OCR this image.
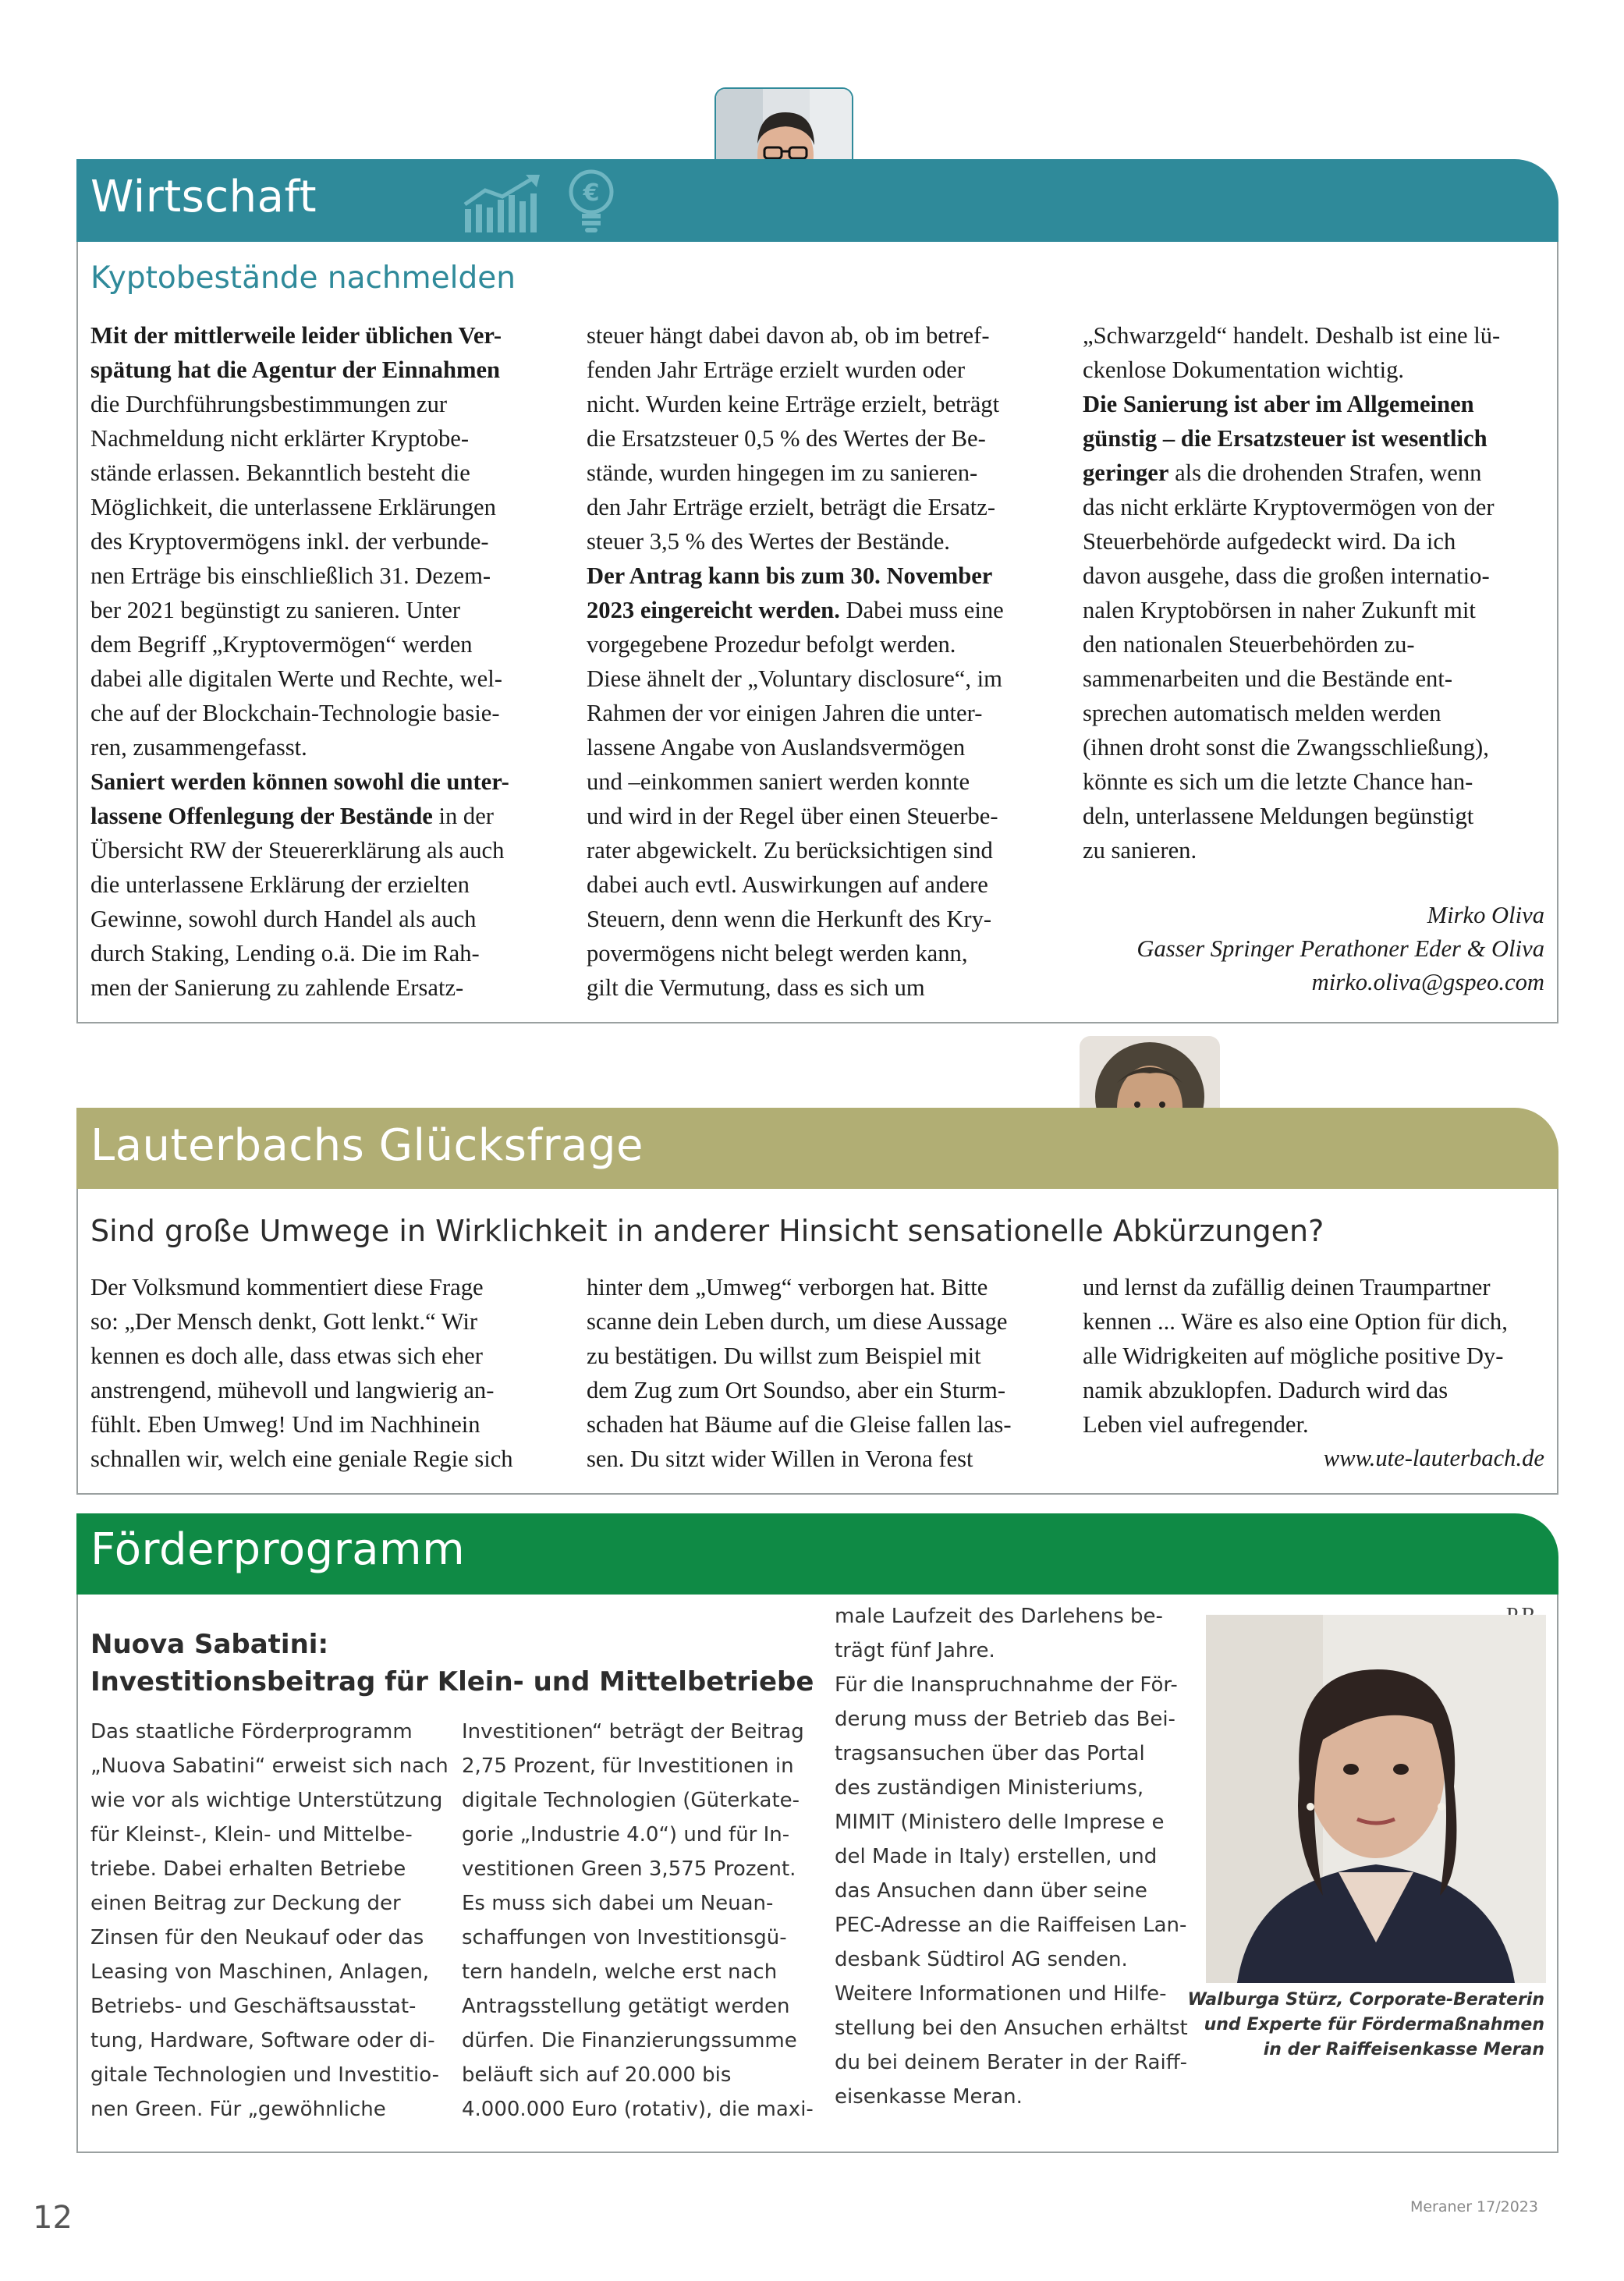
Wirtschaft	€
Kyptobestände nachmelden

Mit der mittlerweile leider üblichen Ver-

spätung hat die Agentur der Einnahmen

die Durchführungsbestimmungen zur

Nachmeldung nicht erklärter Kryptobe-

stände erlassen. Bekanntlich besteht die

Möglichkeit, die unterlassene Erklärungen

des Kryptovermögens inkl. der verbunde-

nen Erträge bis einschließlich 31. Dezem-

ber 2021 begünstigt zu sanieren. Unter

dem Begriff „Kryptovermögen“ werden

dabei alle digitalen Werte und Rechte, wel-

che auf der Blockchain-Technologie basie-

ren, zusammengefasst.

Saniert werden können sowohl die unter-

lassene Offenlegung der Bestände in der

Übersicht RW der Steuererklärung als auch

die unterlassene Erklärung der erzielten

Gewinne, sowohl durch Handel als auch

durch Staking, Lending o.ä. Die im Rah-

men der Sanierung zu zahlende Ersatz-

steuer hängt dabei davon ab, ob im betref-

fenden Jahr Erträge erzielt wurden oder

nicht. Wurden keine Erträge erzielt, beträgt

die Ersatzsteuer 0,5 % des Wertes der Be-

stände, wurden hingegen im zu sanieren-

den Jahr Erträge erzielt, beträgt die Ersatz-

steuer 3,5 % des Wertes der Bestände.

Der Antrag kann bis zum 30. November

2023 eingereicht werden. Dabei muss eine

vorgegebene Prozedur befolgt werden.

Diese ähnelt der „Voluntary disclosure“, im

Rahmen der vor einigen Jahren die unter-

lassene Angabe von Auslandsvermögen

und –einkommen saniert werden konnte

und wird in der Regel über einen Steuerbe-

rater abgewickelt. Zu berücksichtigen sind

dabei auch evtl. Auswirkungen auf andere

Steuern, denn wenn die Herkunft des Kry-

povermögens nicht belegt werden kann,

gilt die Vermutung, dass es sich um

„Schwarzgeld“ handelt. Deshalb ist eine lü-

ckenlose Dokumentation wichtig.

Die Sanierung ist aber im Allgemeinen

günstig – die Ersatzsteuer ist wesentlich

geringer als die drohenden Strafen, wenn

das nicht erklärte Kryptovermögen von der

Steuerbehörde aufgedeckt wird. Da ich

davon ausgehe, dass die großen internatio-

nalen Kryptobörsen in naher Zukunft mit

den nationalen Steuerbehörden zu-

sammenarbeiten und die Bestände ent-

sprechen automatisch melden werden

(ihnen droht sonst die Zwangsschließung),

könnte es sich um die letzte Chance han-

deln, unterlassene Meldungen begünstigt

zu sanieren.

Mirko Oliva
Gasser Springer Perathoner Eder & Oliva
mirko.oliva@gspeo.com
Lauterbachs Glücksfrage
Sind große Umwege in Wirklichkeit in anderer Hinsicht sensationelle Abkürzungen?

Der Volksmund kommentiert diese Frage

so: „Der Mensch denkt, Gott lenkt.“ Wir

kennen es doch alle, dass etwas sich eher

anstrengend, mühevoll und langwierig an-

fühlt. Eben Umweg! Und im Nachhinein

schnallen wir, welch eine geniale Regie sich

hinter dem „Umweg“ verborgen hat. Bitte

scanne dein Leben durch, um diese Aussage

zu bestätigen. Du willst zum Beispiel mit

dem Zug zum Ort Soundso, aber ein Sturm-

schaden hat Bäume auf die Gleise fallen las-

sen. Du sitzt wider Willen in Verona fest

und lernst da zufällig deinen Traumpartner

kennen ... Wäre es also eine Option für dich,

alle Widrigkeiten auf mögliche positive Dy-

namik abzuklopfen. Dadurch wird das

Leben viel aufregender.

www.ute-lauterbach.de
Förderprogramm
Nuova Sabatini:
Investitionsbeitrag für Klein- und Mittelbetriebe

Das staatliche Förderprogramm

„Nuova Sabatini“ erweist sich nach

wie vor als wichtige Unterstützung

für Kleinst-, Klein- und Mittelbe-

triebe. Dabei erhalten Betriebe

einen Beitrag zur Deckung der

Zinsen für den Neukauf oder das

Leasing von Maschinen, Anlagen,

Betriebs- und Geschäftsausstat-

tung, Hardware, Software oder di-

gitale Technologien und Investitio-

nen Green. Für „gewöhnliche

Investitionen“ beträgt der Beitrag

2,75 Prozent, für Investitionen in

digitale Technologien (Güterkate-

gorie „Industrie 4.0“) und für In-

vestitionen Green 3,575 Prozent.

Es muss sich dabei um Neuan-

schaffungen von Investitionsgü-

tern handeln, welche erst nach

Antragsstellung getätigt werden

dürfen. Die Finanzierungssumme

beläuft sich auf 20.000 bis

4.000.000 Euro (rotativ), die maxi-

male Laufzeit des Darlehens be-

trägt fünf Jahre.

Für die Inanspruchnahme der För-

derung muss der Betrieb das Bei-

tragsansuchen über das Portal

des zuständigen Ministeriums,

MIMIT (Ministero delle Imprese e

del Made in Italy) erstellen, und

das Ansuchen dann über seine

PEC-Adresse an die Raiffeisen Lan-

desbank Südtirol AG senden.

Weitere Informationen und Hilfe-

stellung bei den Ansuchen erhältst

du bei deinem Berater in der Raiff-

eisenkasse Meran.

Walburga Stürz, Corporate-Beraterin
und Experte für Fördermaßnahmen
in der Raiffeisenkasse Meran
12	Meraner 17/2023
